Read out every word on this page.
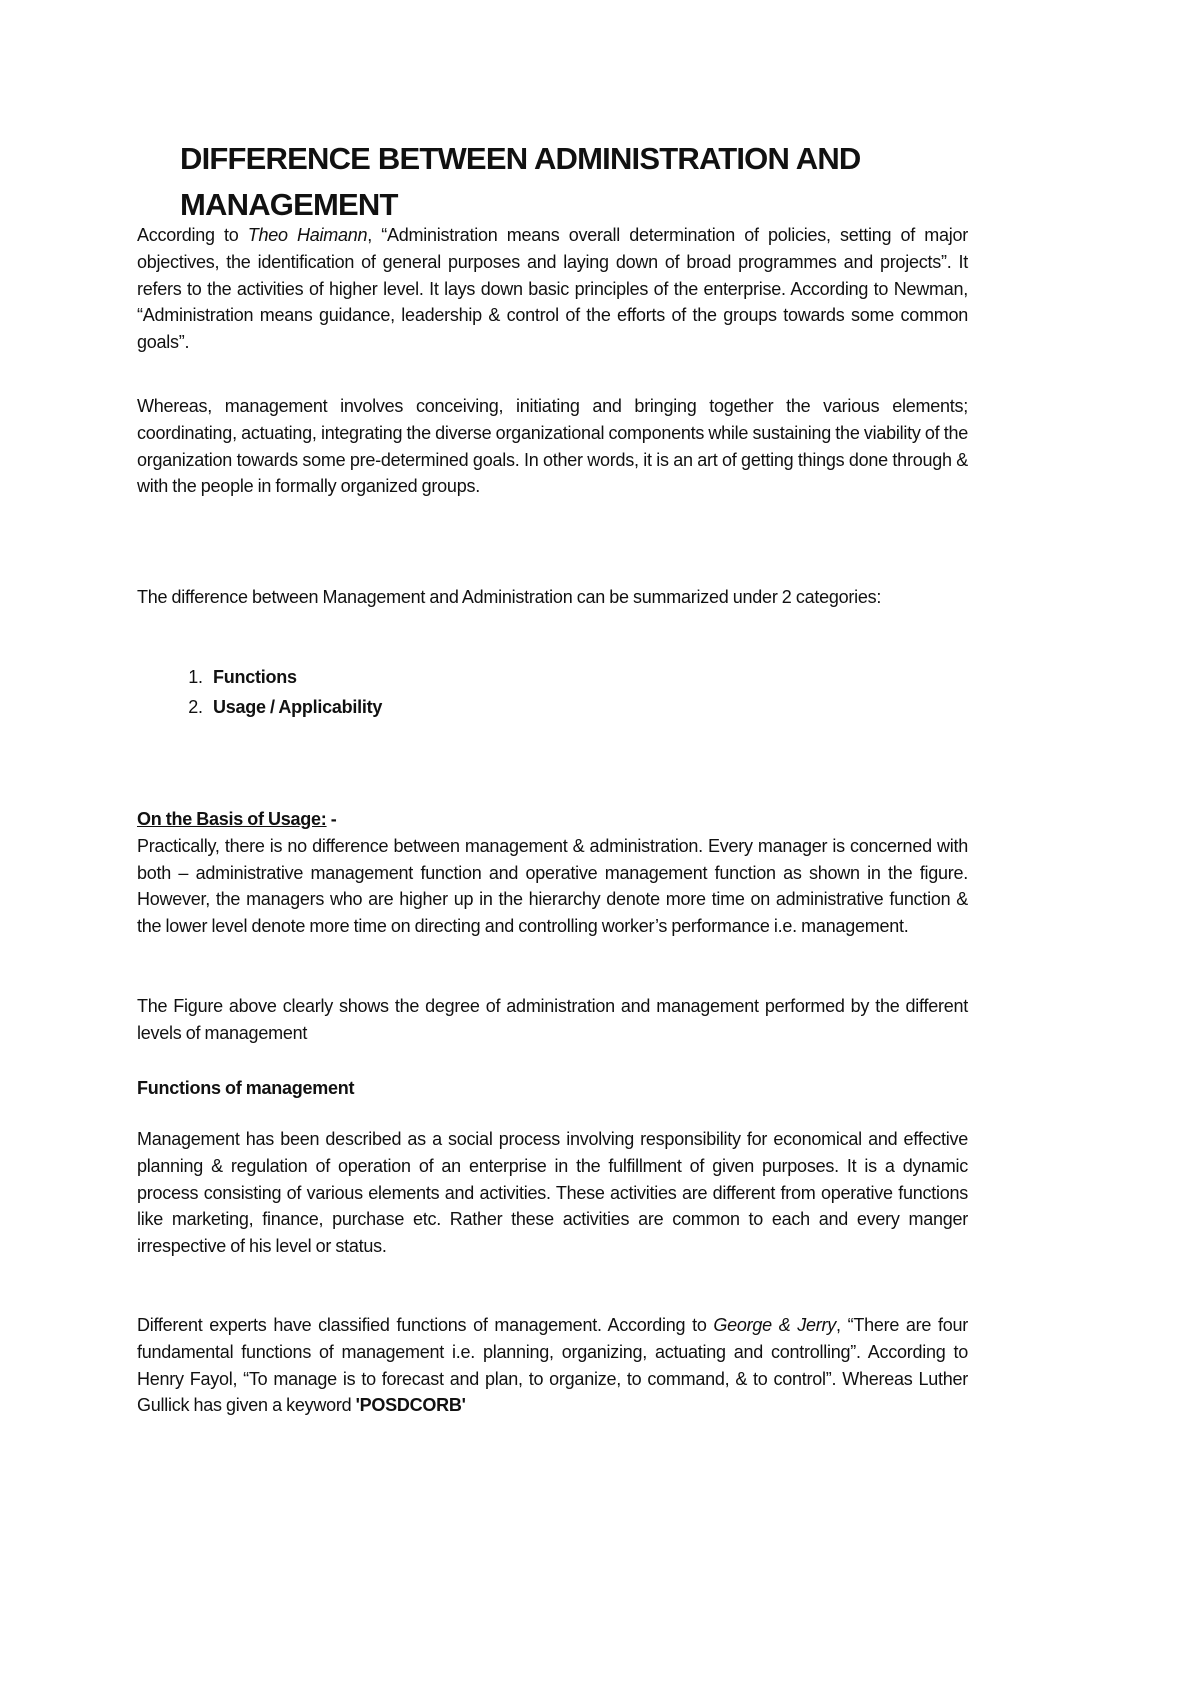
DIFFERENCE BETWEEN ADMINISTRATION AND MANAGEMENT

According to Theo Haimann, “Administration means overall determination of policies, setting of major objectives, the identification of general purposes and laying down of broad programmes and projects”. It refers to the activities of higher level. It lays down basic principles of the enterprise. According to Newman, “Administration means guidance, leadership & control of the efforts of the groups towards some common goals”.

Whereas, management involves conceiving, initiating and bringing together the various elements; coordinating, actuating, integrating the diverse organizational components while sustaining the viability of the organization towards some pre-determined goals. In other words, it is an art of getting things done through & with the people in formally organized groups.

The difference between Management and Administration can be summarized under 2 categories:

1. Functions
2. Usage / Applicability

On the Basis of Usage: -
Practically, there is no difference between management & administration. Every manager is concerned with both – administrative management function and operative management function as shown in the figure. However, the managers who are higher up in the hierarchy denote more time on administrative function & the lower level denote more time on directing and controlling worker’s performance i.e. management.

The Figure above clearly shows the degree of administration and management performed by the different levels of management

Functions of management

Management has been described as a social process involving responsibility for economical and effective planning & regulation of operation of an enterprise in the fulfillment of given purposes. It is a dynamic process consisting of various elements and activities. These activities are different from operative functions like marketing, finance, purchase etc. Rather these activities are common to each and every manger irrespective of his level or status.

Different experts have classified functions of management. According to George & Jerry, “There are four fundamental functions of management i.e. planning, organizing, actuating and controlling”. According to Henry Fayol, “To manage is to forecast and plan, to organize, to command, & to control”. Whereas Luther Gullick has given a keyword 'POSDCORB'
